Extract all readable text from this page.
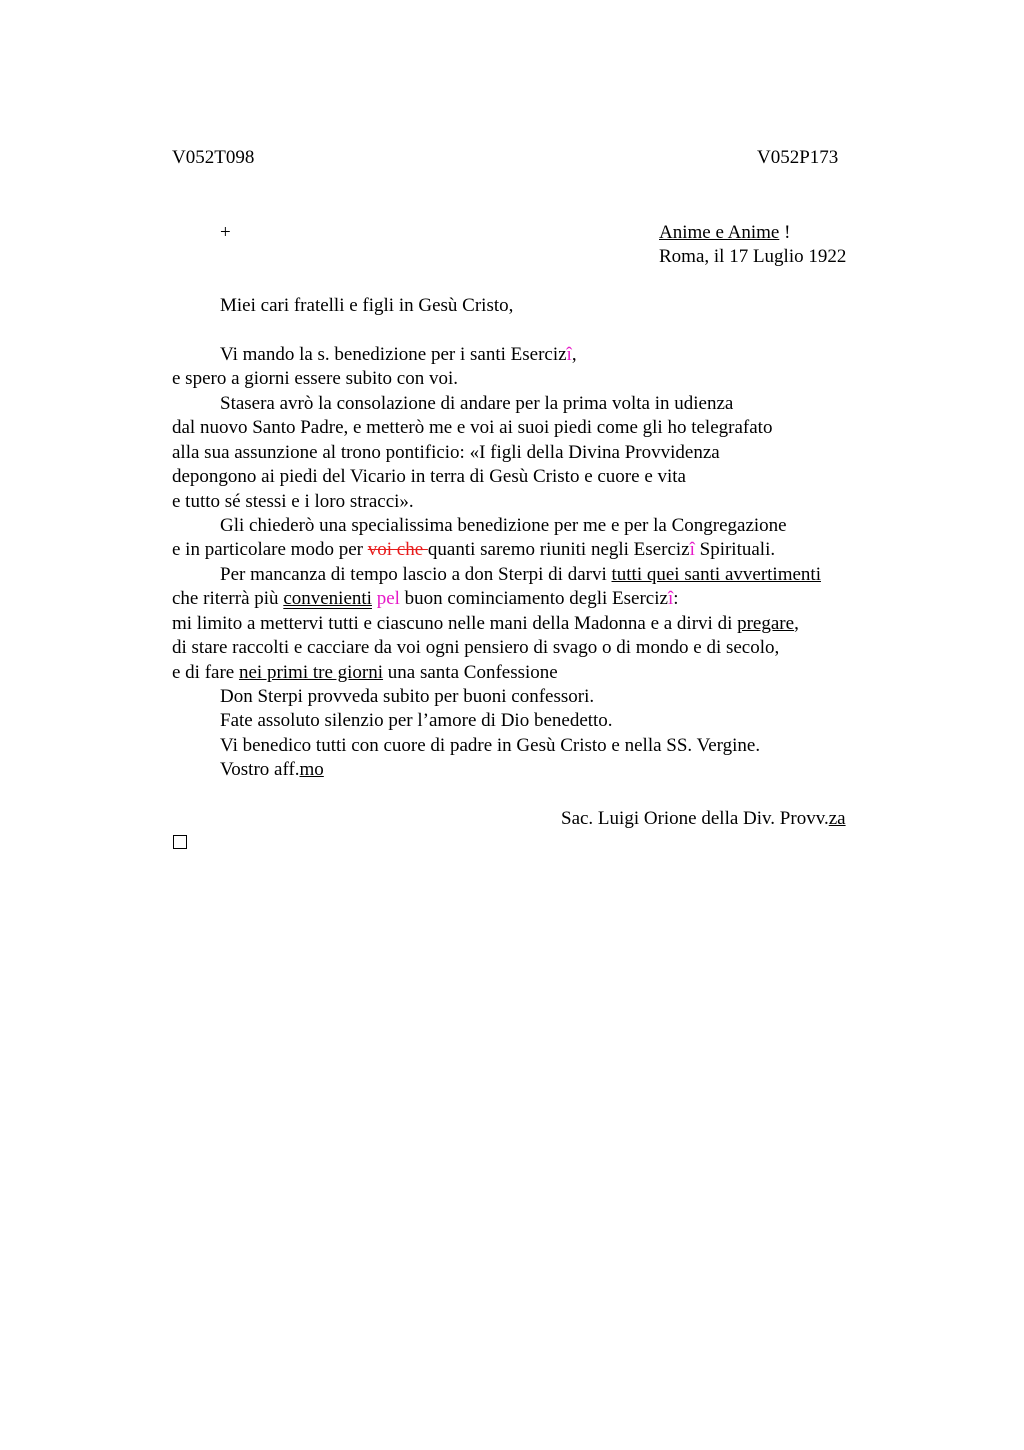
V052T098	V052P173
+	Anime e Anime !
Roma, il 17 Luglio 1922
Miei cari fratelli e figli in Gesù Cristo,
Vi mando la s. benedizione per i santi Esercizî,
e spero a giorni essere subito con voi.
Stasera avrò la consolazione di andare per la prima volta in udienza
dal nuovo Santo Padre, e metterò me e voi ai suoi piedi come gli ho telegrafato
alla sua assunzione al trono pontificio: «I figli della Divina Provvidenza
depongono ai piedi del Vicario in terra di Gesù Cristo e cuore e vita
e tutto sé stessi e i loro stracci».
Gli chiederò una specialissima benedizione per me e per la Congregazione
e in particolare modo per voi che quanti saremo riuniti negli Esercizî Spirituali.
Per mancanza di tempo lascio a don Sterpi di darvi tutti quei santi avvertimenti
che riterrà più convenienti pel buon cominciamento degli Esercizî:
mi limito a mettervi tutti e ciascuno nelle mani della Madonna e a dirvi di pregare,
di stare raccolti e cacciare da voi ogni pensiero di svago o di mondo e di secolo,
e di fare nei primi tre giorni una santa Confessione
Don Sterpi provveda subito per buoni confessori.
Fate assoluto silenzio per l’amore di Dio benedetto.
Vi benedico tutti con cuore di padre in Gesù Cristo e nella SS. Vergine.
Vostro aff.mo
Sac. Luigi Orione della Div. Provv.za
